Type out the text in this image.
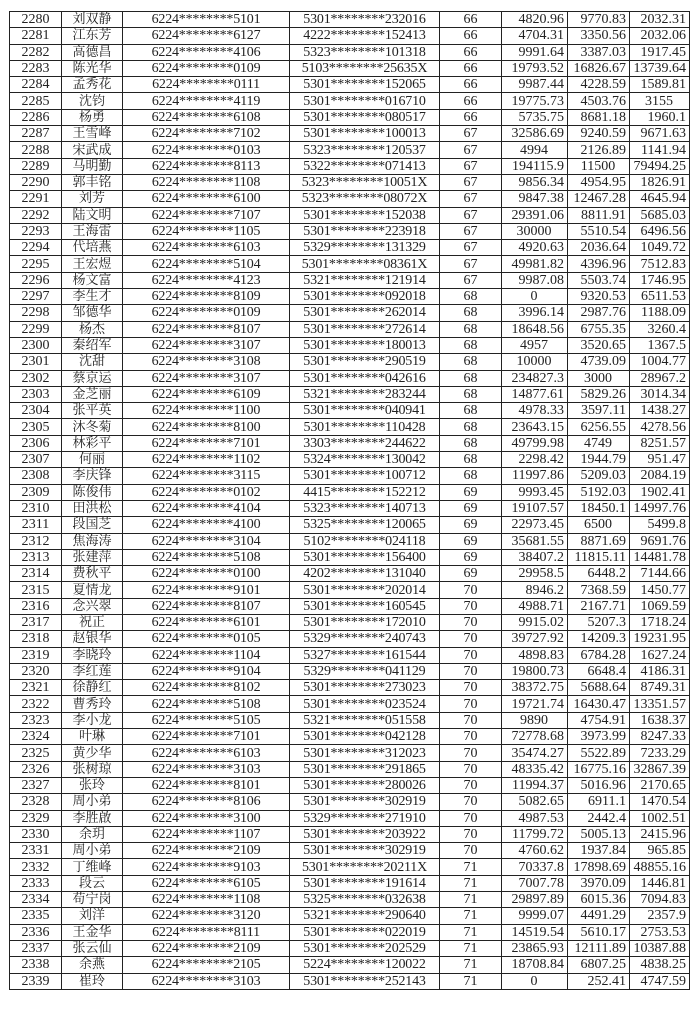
2280	刘双静	6224********5101	5301********232016	66	4820.96	9770.83	2032.31
2281	江东芳	6224********6127	4222********152413	66	4704.31	3350.56	2032.06
2282	高德昌	6224********4106	5323********101318	66	9991.64	3387.03	1917.45
2283	陈光华	6224********0109	5103********25635X	66	19793.52	16826.67	13739.64
2284	孟秀花	6224********0111	5301********152065	66	9987.44	4228.59	1589.81
2285	沈钧	6224********4119	5301********016710	66	19775.73	4503.76	3155
2286	杨勇	6224********6108	5301********080517	66	5735.75	8681.18	1960.1
2287	王雪峰	6224********7102	5301********100013	67	32586.69	9240.59	9671.63
2288	宋武成	6224********0103	5323********120537	67	4994	2126.89	1141.94
2289	马明勤	6224********8113	5322********071413	67	194115.9	11500	79494.25
2290	郭丰铭	6224********1108	5323********10051X	67	9856.34	4954.95	1826.91
2291	刘芳	6224********6100	5323********08072X	67	9847.38	12467.28	4645.94
2292	陆文明	6224********7107	5301********152038	67	29391.06	8811.91	5685.03
2293	王海雷	6224********1105	5301********223918	67	30000	5510.54	6496.56
2294	代培燕	6224********6103	5329********131329	67	4920.63	2036.64	1049.72
2295	王宏煜	6224********5104	5301********08361X	67	49981.82	4396.96	7512.83
2296	杨文富	6224********4123	5321********121914	67	9987.08	5503.74	1746.95
2297	李生才	6224********8109	5301********092018	68	0	9320.53	6511.53
2298	邹德华	6224********0109	5301********262014	68	3996.14	2987.76	1188.09
2299	杨杰	6224********8107	5301********272614	68	18648.56	6755.35	3260.4
2300	秦绍军	6224********3107	5301********180013	68	4957	3520.65	1367.5
2301	沈甜	6224********3108	5301********290519	68	10000	4739.09	1004.77
2302	蔡京运	6224********3107	5301********042616	68	234827.3	3000	28967.2
2303	金芝丽	6224********6109	5321********283244	68	14877.61	5829.26	3014.34
2304	张平英	6224********1100	5301********040941	68	4978.33	3597.11	1438.27
2305	沐冬菊	6224********8100	5301********110428	68	23643.15	6256.55	4278.56
2306	林彩平	6224********7101	3303********244622	68	49799.98	4749	8251.57
2307	何丽	6224********1102	5324********130042	68	2298.42	1944.79	951.47
2308	李庆锋	6224********3115	5301********100712	68	11997.86	5209.03	2084.19
2309	陈俊伟	6224********0102	4415********152212	69	9993.45	5192.03	1902.41
2310	田洪松	6224********4104	5323********140713	69	19107.57	18450.1	14997.76
2311	段国芝	6224********4100	5325********120065	69	22973.45	6500	5499.8
2312	焦海涛	6224********3104	5102********024118	69	35681.55	8871.69	9691.76
2313	张建萍	6224********5108	5301********156400	69	38407.2	11815.11	14481.78
2314	费秋平	6224********0100	4202********131040	69	29958.5	6448.2	7144.66
2315	夏情龙	6224********9101	5301********202014	70	8946.2	7368.59	1450.77
2316	念兴翠	6224********8107	5301********160545	70	4988.71	2167.71	1069.59
2317	祝正	6224********6101	5301********172010	70	9915.02	5207.3	1718.24
2318	赵银华	6224********0105	5329********240743	70	39727.92	14209.3	19231.95
2319	李晓玲	6224********1104	5327********161544	70	4898.83	6784.28	1627.24
2320	李红莲	6224********9104	5329********041129	70	19800.73	6648.4	4186.31
2321	徐静红	6224********8102	5301********273023	70	38372.75	5688.64	8749.31
2322	曹秀玲	6224********5108	5301********023524	70	19721.74	16430.47	13351.57
2323	李小龙	6224********5105	5321********051558	70	9890	4754.91	1638.37
2324	叶琳	6224********7101	5301********042128	70	72778.68	3973.99	8247.33
2325	黄少华	6224********6103	5301********312023	70	35474.27	5522.89	7233.29
2326	张树琼	6224********3103	5301********291865	70	48335.42	16775.16	32867.39
2327	张玲	6224********8101	5301********280026	70	11994.37	5016.96	2170.65
2328	周小弟	6224********8106	5301********302919	70	5082.65	6911.1	1470.54
2329	李胜啟	6224********3100	5329********271910	70	4987.53	2442.4	1002.51
2330	余玥	6224********1107	5301********203922	70	11799.72	5005.13	2415.96
2331	周小弟	6224********2109	5301********302919	70	4760.62	1937.84	965.85
2332	丁维峰	6224********9103	5301********20211X	71	70337.8	17898.69	48855.16
2333	段云	6224********6105	5301********191614	71	7007.78	3970.09	1446.81
2334	苟宁岗	6224********1108	5325********032638	71	29897.89	6015.36	7094.83
2335	刘洋	6224********3120	5321********290640	71	9999.07	4491.29	2357.9
2336	王金华	6224********8111	5301********022019	71	14519.54	5610.17	2753.53
2337	张云仙	6224********2109	5301********202529	71	23865.93	12111.89	10387.88
2338	余燕	6224********2105	5224********120022	71	18708.84	6807.25	4838.25
2339	崔玲	6224********3103	5301********252143	71	0	252.41	4747.59
